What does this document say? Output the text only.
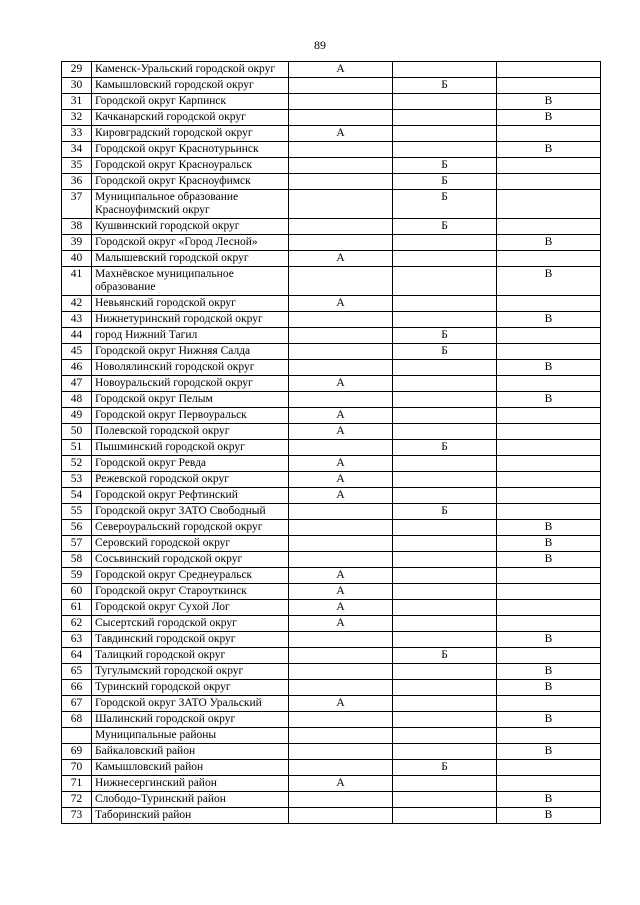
89
29	Каменск-Уральский городской округ	А		
30	Камышловский городской округ		Б	
31	Городской округ Карпинск			В
32	Качканарский городской округ			В
33	Кировградский городской округ	А		
34	Городской округ Краснотурьинск			В
35	Городской округ Красноуральск		Б	
36	Городской округ Красноуфимск		Б	
37	Муниципальное образование Красноуфимский округ		Б	
38	Кушвинский городской округ		Б	
39	Городской округ «Город Лесной»			В
40	Малышевский городской округ	А		
41	Махнёвское муниципальное образование			В
42	Невьянский городской округ	А		
43	Нижнетуринский городской округ			В
44	город Нижний Тагил		Б	
45	Городской округ Нижняя Салда		Б	
46	Новолялинский городской округ			В
47	Новоуральский городской округ	А		
48	Городской округ Пелым			В
49	Городской округ Первоуральск	А		
50	Полевской городской округ	А		
51	Пышминский городской округ		Б	
52	Городской округ Ревда	А		
53	Режевской городской округ	А		
54	Городской округ Рефтинский	А		
55	Городской округ ЗАТО Свободный		Б	
56	Североуральский городской округ			В
57	Серовский городской округ			В
58	Сосьвинский городской округ			В
59	Городской округ Среднеуральск	А		
60	Городской округ Староуткинск	А		
61	Городской округ Сухой Лог	А		
62	Сысертский городской округ	А		
63	Тавдинский городской округ			В
64	Талицкий городской округ		Б	
65	Тугулымский городской округ			В
66	Туринский городской округ			В
67	Городской округ ЗАТО Уральский	А		
68	Шалинский городской округ			В
	Муниципальные районы			
69	Байкаловский район			В
70	Камышловский район		Б	
71	Нижнесергинский район	А		
72	Слободо-Туринский район			В
73	Таборинский район			В
